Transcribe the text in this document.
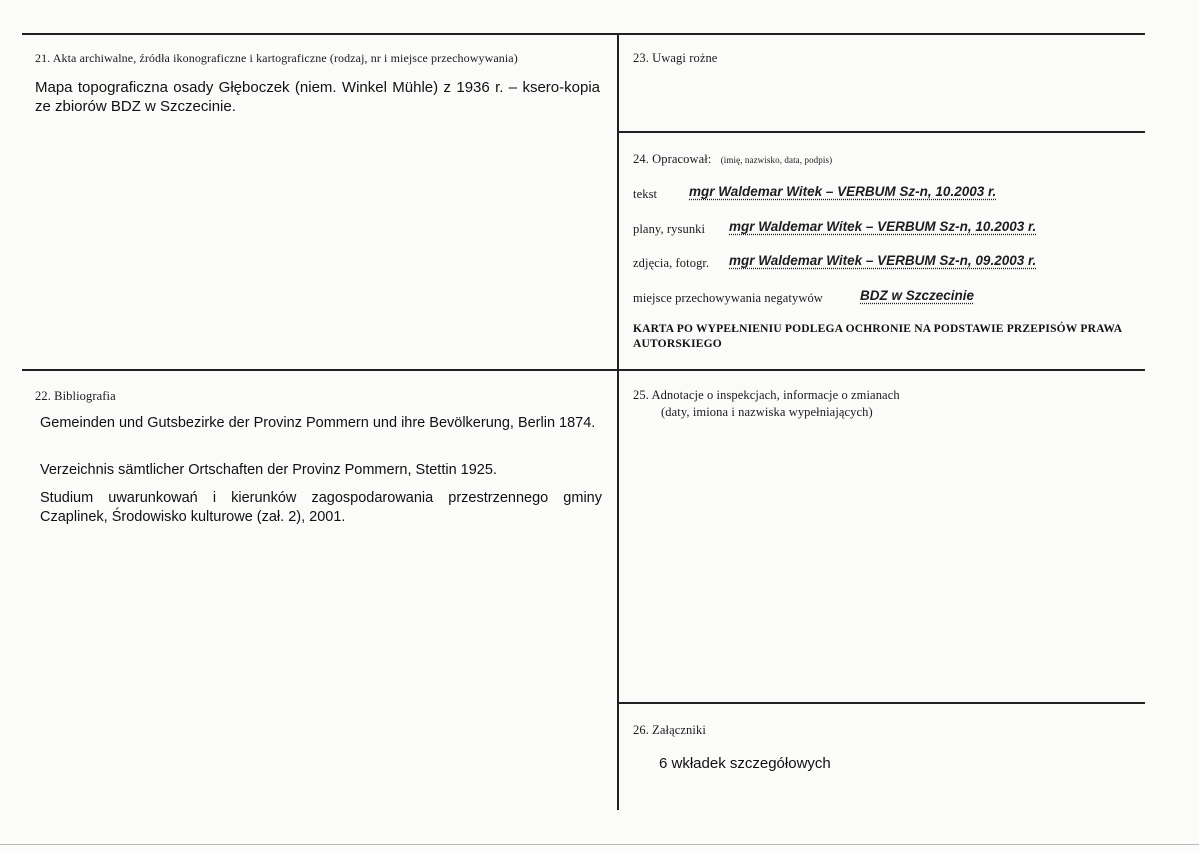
21. Akta archiwalne, źródła ikonograficzne i kartograficzne (rodzaj, nr i miejsce przechowywania)
Mapa topograficzna osady Głęboczek (niem. Winkel Mühle) z 1936 r. – ksero-kopia ze zbiorów BDZ w Szczecinie.
23. Uwagi rożne
24. Opracował: (imię, nazwisko, data, podpis)
tekst mgr Waldemar Witek – VERBUM Sz-n, 10.2003 r.
plany, rysunki mgr Waldemar Witek – VERBUM Sz-n, 10.2003 r.
zdjęcia, fotogr. mgr Waldemar Witek – VERBUM Sz-n, 09.2003 r.
miejsce przechowywania negatywów	BDZ w Szczecinie
KARTA PO WYPEŁNIENIU PODLEGA OCHRONIE NA PODSTAWIE PRZEPISÓW PRAWA AUTORSKIEGO
22. Bibliografia
Gemeinden und Gutsbezirke der Provinz Pommern und ihre Bevölkerung, Berlin 1874.
Verzeichnis sämtlicher Ortschaften der Provinz Pommern, Stettin 1925.
Studium uwarunkowań i kierunków zagospodarowania przestrzennego gminy Czaplinek, Środowisko kulturowe (zał. 2), 2001.
25. Adnotacje o inspekcjach, informacje o zmianach
(daty, imiona i nazwiska wypełniających)
26. Załączniki
6 wkładek szczegółowych
